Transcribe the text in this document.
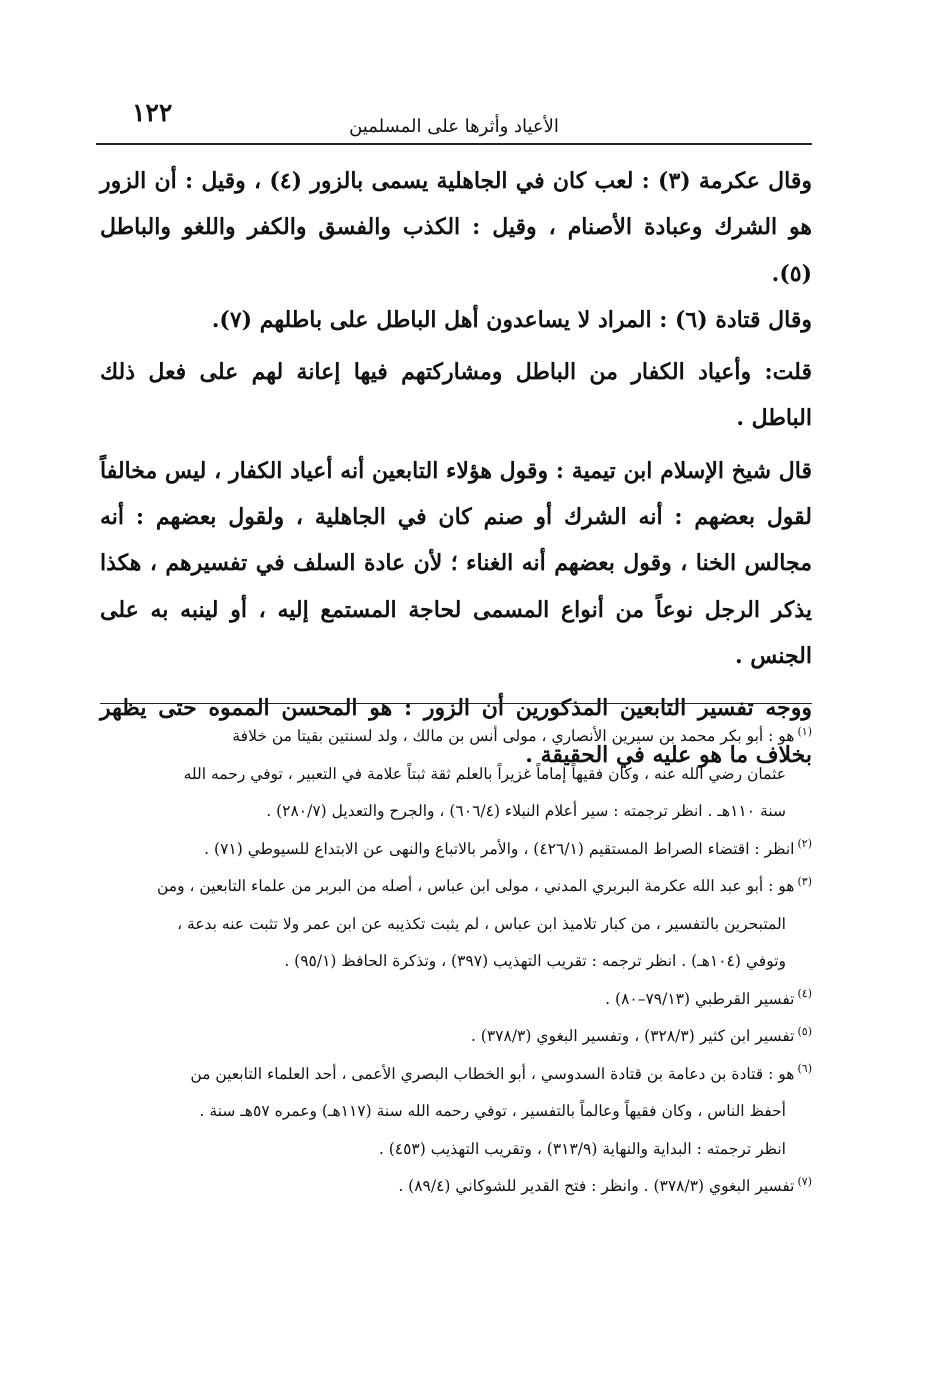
١٢٢	الأعياد وأثرها على المسلمين

وقال عكرمة (٣) : لعب كان في الجاهلية يسمى بالزور (٤) ، وقيل : أن الزور هو الشرك وعبادة الأصنام ، وقيل : الكذب والفسق والكفر واللغو والباطل (٥).

وقال قتادة (٦) : المراد لا يساعدون أهل الباطل على باطلهم (٧).

قلت: وأعياد الكفار من الباطل ومشاركتهم فيها إعانة لهم على فعل ذلك الباطل .

قال شيخ الإسلام ابن تيمية : وقول هؤلاء التابعين أنه أعياد الكفار ، ليس مخالفاً لقول بعضهم : أنه الشرك أو صنم كان في الجاهلية ، ولقول بعضهم : أنه مجالس الخنا ، وقول بعضهم أنه الغناء ؛ لأن عادة السلف في تفسيرهم ، هكذا يذكر الرجل نوعاً من أنواع المسمى لحاجة المستمع إليه ، أو لينبه به على الجنس .

ووجه تفسير التابعين المذكورين أن الزور : هو المحسن المموه حتى يظهر بخلاف ما هو عليه في الحقيقة .

$^{(١)}$هو : أبو بكر محمد بن سيرين الأنصاري ، مولى أنس بن مالك ، ولد لسنتين بقيتا من خلافة

عثمان رضي الله عنه ، وكان فقيهاً إماماً غزيراً بالعلم ثقة ثبتاً علامة في التعبير ، توفي رحمه الله

سنة ١١٠هـ . انظر ترجمته : سير أعلام النبلاء (٦٠٦/٤) ، والجرح والتعديل (٢٨٠/٧) .

$^{(٢)}$انظر : اقتضاء الصراط المستقيم (٤٢٦/١) ، والأمر بالاتباع والنهى عن الابتداع للسيوطي (٧١) .

$^{(٣)}$هو : أبو عبد الله عكرمة البربري المدني ، مولى ابن عباس ، أصله من البربر من علماء التابعين ، ومن

المتبحرين بالتفسير ، من كبار تلاميذ ابن عباس ، لم يثبت تكذيبه عن ابن عمر ولا تثبت عنه بدعة ،

وتوفي (١٠٤هـ) . انظر ترجمه : تقريب التهذيب (٣٩٧) ، وتذكرة الحافظ (٩٥/١) .

$^{(٤)}$تفسير القرطبي (٧٩/١٣–٨٠) .

$^{(٥)}$تفسير ابن كثير (٣٢٨/٣) ، وتفسير البغوي (٣٧٨/٣) .

$^{(٦)}$هو : قتادة بن دعامة بن قتادة السدوسي ، أبو الخطاب البصري الأعمى ، أحد العلماء التابعين من

أحفظ الناس ، وكان فقيهاً وعالماً بالتفسير ، توفي رحمه الله سنة (١١٧هـ) وعمره ٥٧هـ سنة .

انظر ترجمته : البداية والنهاية (٣١٣/٩) ، وتقريب التهذيب (٤٥٣) .

$^{(٧)}$تفسير البغوي (٣٧٨/٣) . وانظر : فتح القدير للشوكاني (٨٩/٤) .
